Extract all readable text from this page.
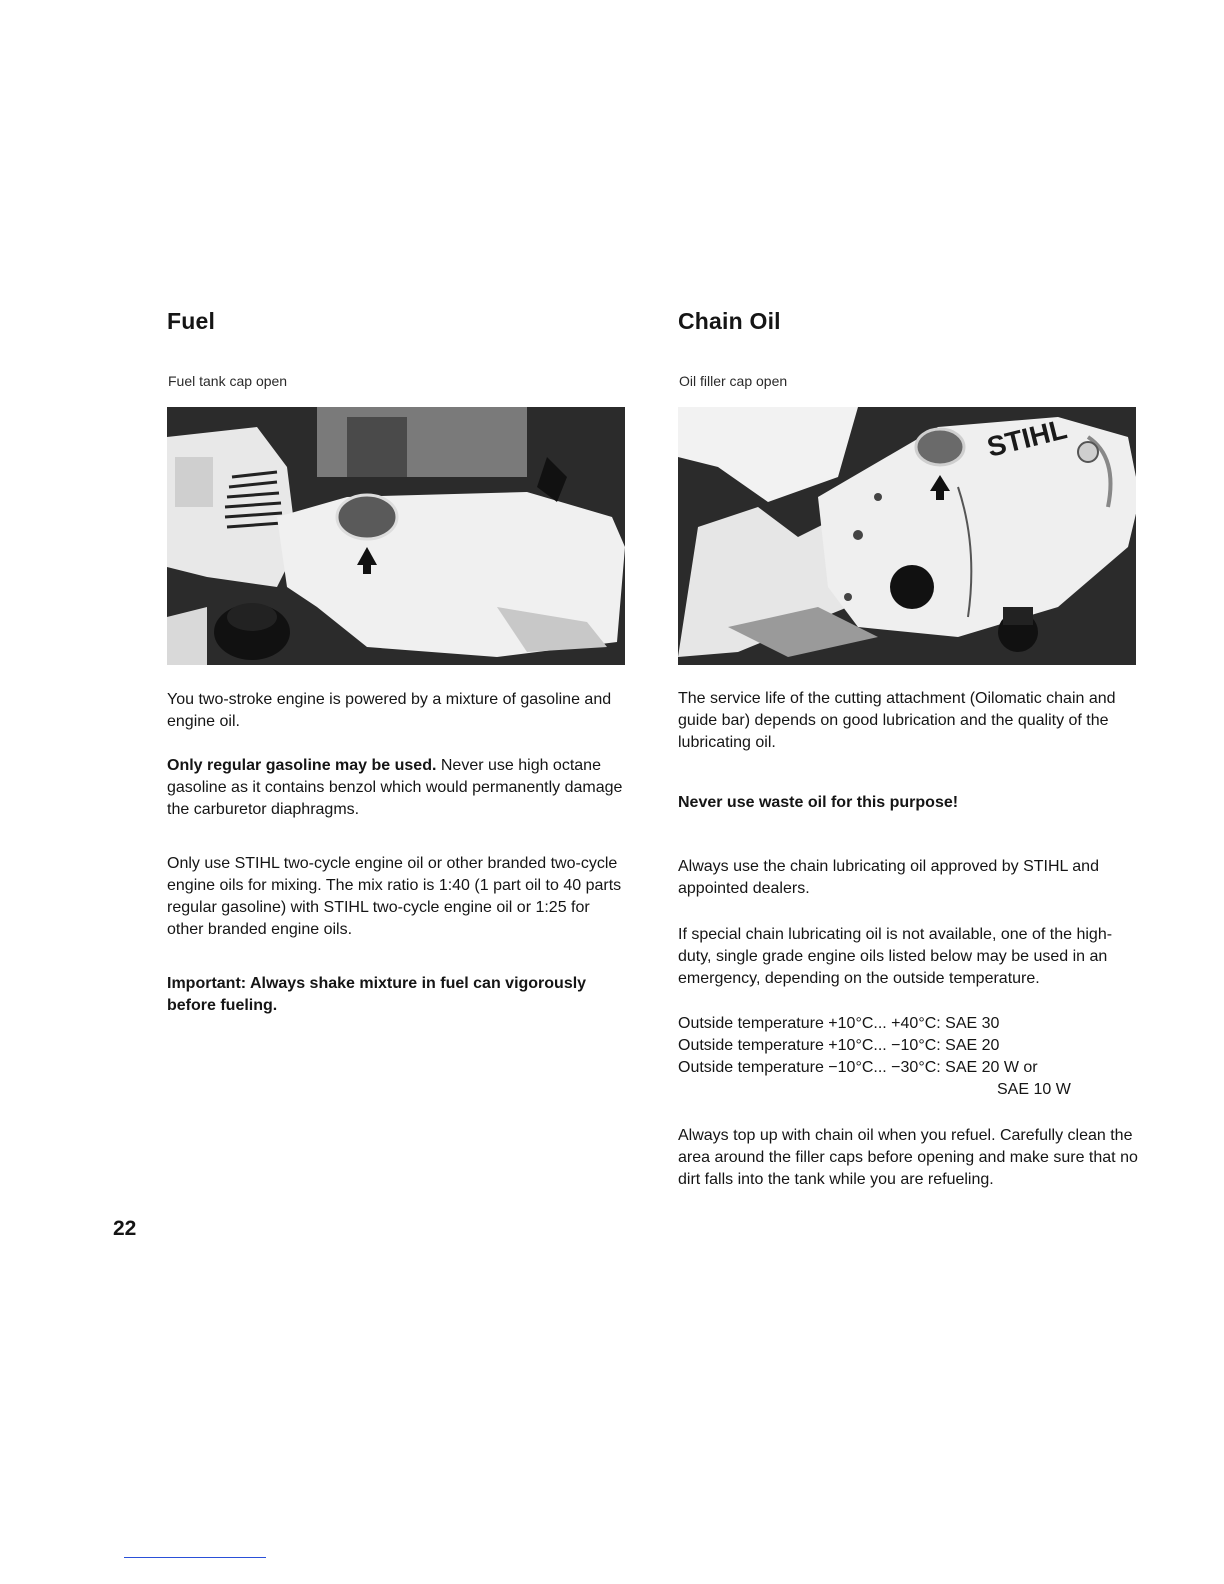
Fuel
Fuel tank cap open

You two-stroke engine is powered by a mixture of gasoline and engine oil.

Only regular gasoline may be used. Never use high octane gasoline as it contains benzol which would permanently damage the carburetor diaphragms.

Only use STIHL two-cycle engine oil or other branded two-cycle engine oils for mixing. The mix ratio is 1:40 (1 part oil to 40 parts regular gasoline) with STIHL two-cycle engine oil or 1:25 for other branded engine oils.

Important: Always shake mixture in fuel can vigorously before fueling.

Chain Oil
Oil filler cap open
STIHL

The service life of the cutting attachment (Oilomatic chain and guide bar) depends on good lubrication and the quality of the lubricating oil.

Never use waste oil for this purpose!

Always use the chain lubricating oil approved by STIHL and appointed dealers.

If special chain lubricating oil is not available, one of the high-duty, single grade engine oils listed below may be used in an emergency, depending on the outside temperature.

Outside temperature +10°C... +40°C: SAE 30
Outside temperature +10°C... −10°C: SAE 20
Outside temperature −10°C... −30°C: SAE 20 W or
SAE 10 W

Always top up with chain oil when you refuel. Carefully clean the area around the filler caps before opening and make sure that no dirt falls into the tank while you are refueling.

22
